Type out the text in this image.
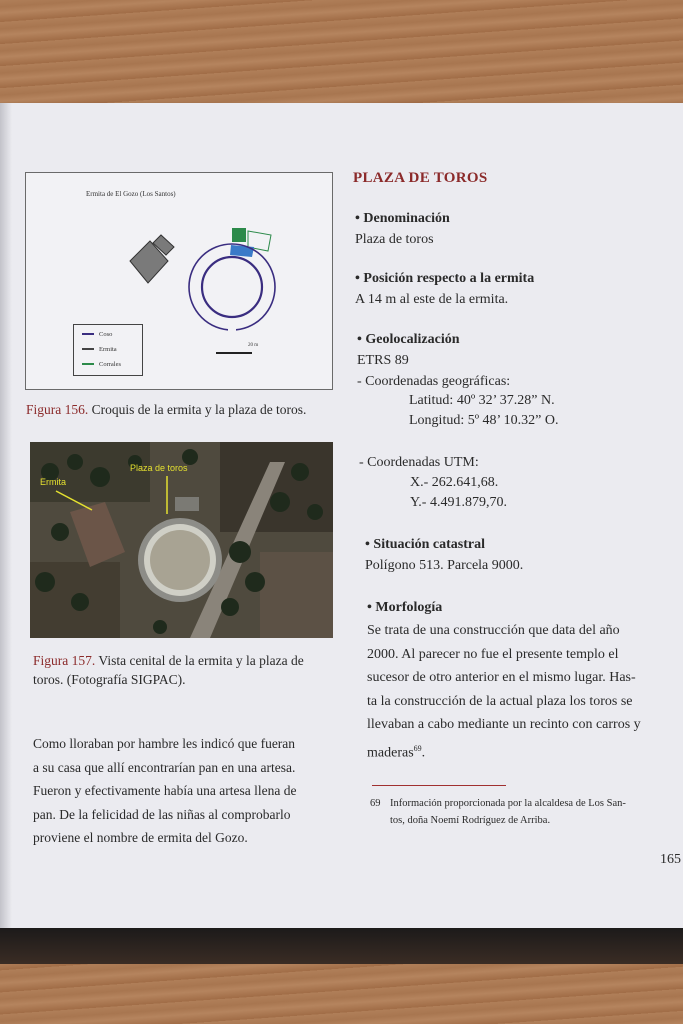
Ermita de El Gozo (Los Santos)
Coso
Ermita
Corrales
20 m
Figura 156. Croquis de la ermita y la plaza de toros.
Ermita
Plaza de toros
Figura 157. Vista cenital de la ermita y la plaza de
toros. (Fotografía SIGPAC).
Como lloraban por hambre les indicó que fueran
a su casa que allí encontrarían pan en una artesa.
Fueron y efectivamente había una artesa llena de
pan. De la felicidad de las niñas al comprobarlo
proviene el nombre de ermita del Gozo.
PLAZA DE TOROS
• Denominación
Plaza de toros
• Posición respecto a la ermita
A 14 m al este de la ermita.
• Geolocalización
ETRS 89
- Coordenadas geográficas:
Latitud: 40º 32’ 37.28” N.
Longitud: 5º 48’ 10.32” O.
- Coordenadas UTM:
X.- 262.641,68.
Y.- 4.491.879,70.
• Situación catastral
Polígono 513. Parcela 9000.
• Morfología
Se trata de una construcción que data del año
2000. Al parecer no fue el presente templo el
sucesor de otro anterior en el mismo lugar. Has-
ta la construcción de la actual plaza los toros se
llevaban a cabo mediante un recinto con carros y
maderas$^{69}$.
69 Información proporcionada por la alcaldesa de Los San-
tos, doña Noemí Rodríguez de Arriba.
165
